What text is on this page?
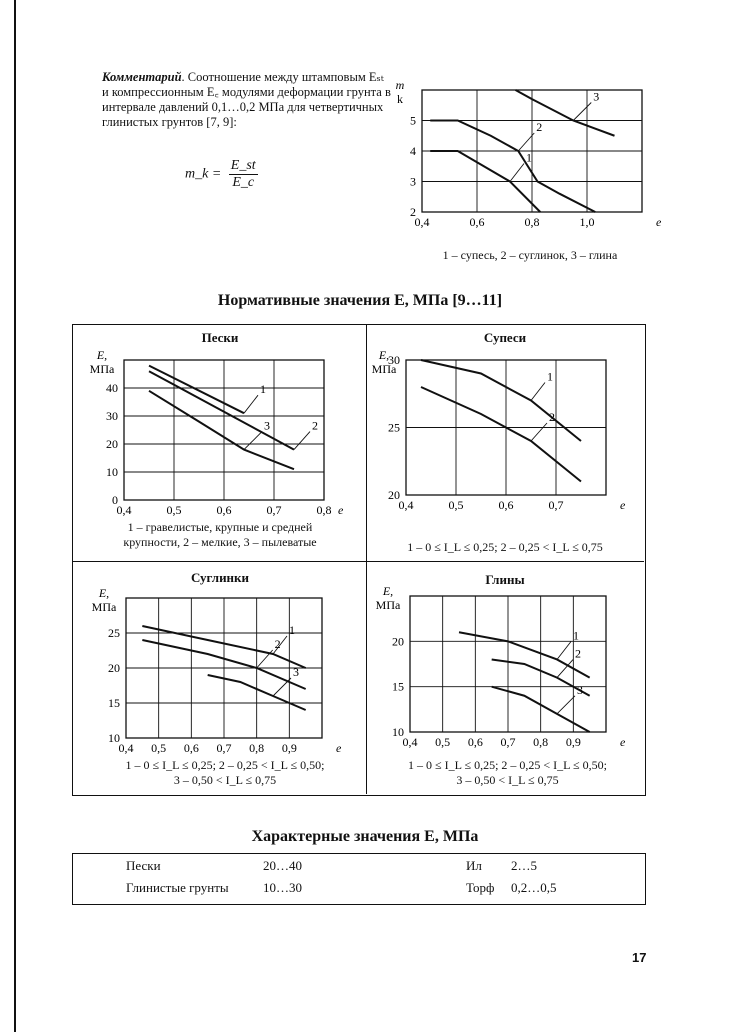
Комментарий. Соотношение между штамповым Eₛₜ и компрессионным E꜀ модулями деформации грунта в интервале давлений 0,1…0,2 МПа для четвертичных глинистых грунтов [7, 9]:
m_k = $\frac{E\_st}{E\_c}$
0,4	0,6	0,8	1,0
2
3
4
5
e
m
k
1
2
3
1 – супесь, 2 – суглинок, 3 – глина
Нормативные значения E, МПа [9…11]
Пески
0,4	0,5	0,6	0,7	0,8
0
10
20
30
40
e
E,
МПа
1
2
3
1 – гравелистые, крупные и средней
крупности, 2 – мелкие, 3 – пылеватые
Супеси
0,4	0,5	0,6	0,7
20
25
30
e
E,
МПа
1
2
1 – 0 ≤ I_L ≤ 0,25; 2 – 0,25 < I_L ≤ 0,75
Суглинки
0,4 0,5 0,6 0,7 0,8 0,9
10
15
20
25
e
E,
МПа
1
2
3
1 – 0 ≤ I_L ≤ 0,25; 2 – 0,25 < I_L ≤ 0,50;
3 – 0,50 < I_L ≤ 0,75
Глины
0,4 0,5 0,6 0,7 0,8 0,9
10
15
20
e
E,
МПа
1
2
3
1 – 0 ≤ I_L ≤ 0,25; 2 – 0,25 < I_L ≤ 0,50;
3 – 0,50 < I_L ≤ 0,75
Характерные значения E, МПа
Пески	20…40	Ил 2…5
Глинистые грунты	10…30	Торф 0,2…0,5
17
